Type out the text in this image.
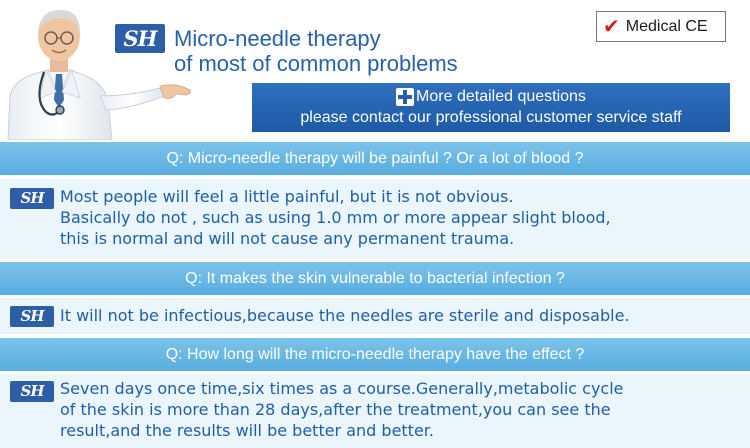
SH Micro-needle therapy
of most of common problems
✔ Medical CE
More detailed questions
please contact our professional customer service staff
Q: Micro-needle therapy will be painful ? Or a lot of blood ?
SH Most people will feel a little painful, but it is not obvious.
Basically do not , such as using 1.0 mm or more appear slight blood,
this is normal and will not cause any permanent trauma.
Q: It makes the skin vulnerable to bacterial infection ?
SH It will not be infectious,because the needles are sterile and disposable.
Q: How long will the micro-needle therapy have the effect ?
SH Seven days once time,six times as a course.Generally,metabolic cycle
of the skin is more than 28 days,after the treatment,you can see the
result,and the results will be better and better.
